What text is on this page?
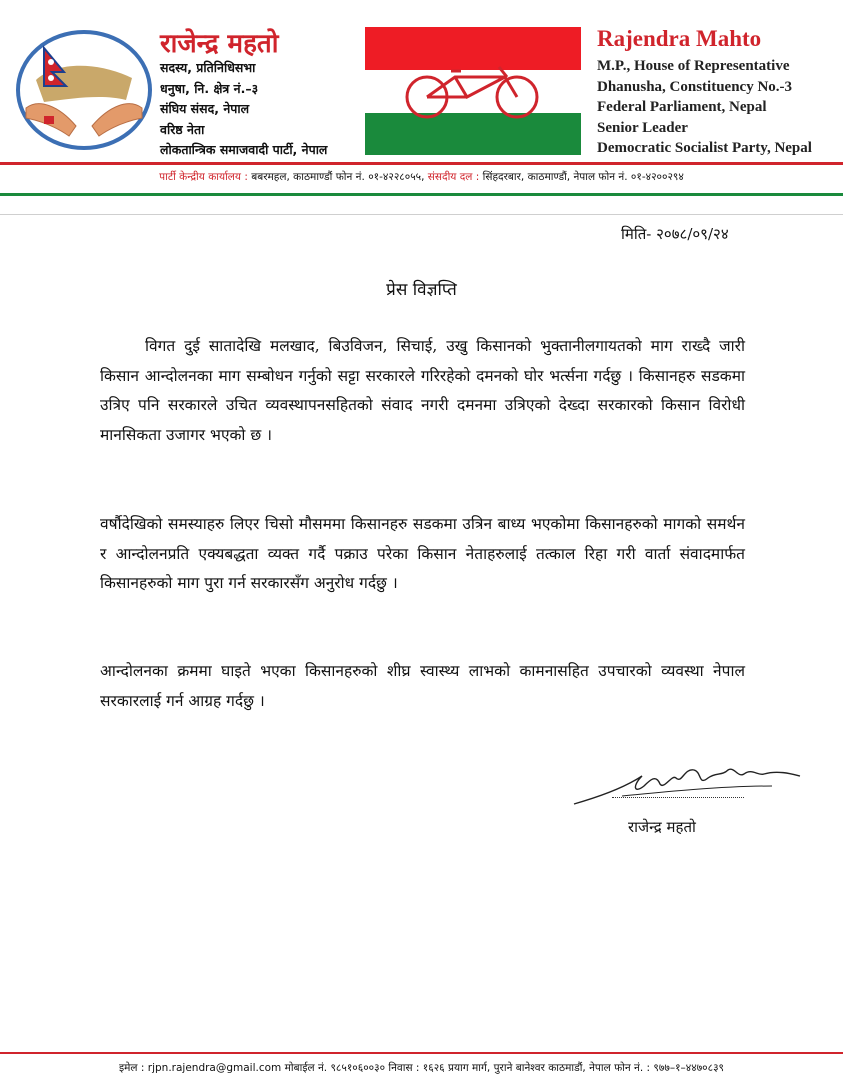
राजेन्द्र महतो
सदस्य, प्रतिनिधिसभा
धनुषा, नि. क्षेत्र नं.–३
संघिय संसद, नेपाल
वरिष्ठ नेता
लोकतान्त्रिक समाजवादी पार्टी, नेपाल
Rajendra Mahto
M.P., House of Representative
Dhanusha, Constituency No.-3
Federal Parliament, Nepal
Senior Leader
Democratic Socialist Party, Nepal
पार्टी केन्द्रीय कार्यालय : बबरमहल, काठमाण्डौं फोन नं. ०१-४२२८०५५, संसदीय दल : सिंहदरबार, काठमाण्डौं, नेपाल फोन नं. ०१-४२००२९४
मिति- २०७८/०९/२४
प्रेस विज्ञप्ति
विगत दुई सातादेखि मलखाद, बिउविजन, सिचाई, उखु किसानको भुक्तानीलगायतको माग राख्दै जारी किसान आन्दोलनका माग सम्बोधन गर्नुको सट्टा सरकारले गरिरहेको दमनको घोर भर्त्सना गर्दछु । किसानहरु सडकमा उत्रिए पनि सरकारले उचित व्यवस्थापनसहितको संवाद नगरी दमनमा उत्रिएको देख्दा सरकारको किसान विरोधी मानसिकता उजागर भएको छ ।
वर्षौदेखिको समस्याहरु लिएर चिसो मौसममा किसानहरु सडकमा उत्रिन बाध्य भएकोमा किसानहरुको मागको समर्थन र आन्दोलनप्रति एक्यबद्धता व्यक्त गर्दै पक्राउ परेका किसान नेताहरुलाई तत्काल रिहा गरी वार्ता संवादमार्फत किसानहरुको माग पुरा गर्न सरकारसँग अनुरोध गर्दछु ।
आन्दोलनका क्रममा घाइते भएका किसानहरुको शीघ्र स्वास्थ्य लाभको कामनासहित उपचारको व्यवस्था नेपाल सरकारलाई गर्न आग्रह गर्दछु ।
राजेन्द्र महतो
इमेल : rjpn.rajendra@gmail.com मोबाईल नं. ९८५१०६००३० निवास : १६२६ प्रयाग मार्ग, पुराने बानेश्वर काठमाडौं, नेपाल फोन नं. : ९७७–१–४४७०८३९
